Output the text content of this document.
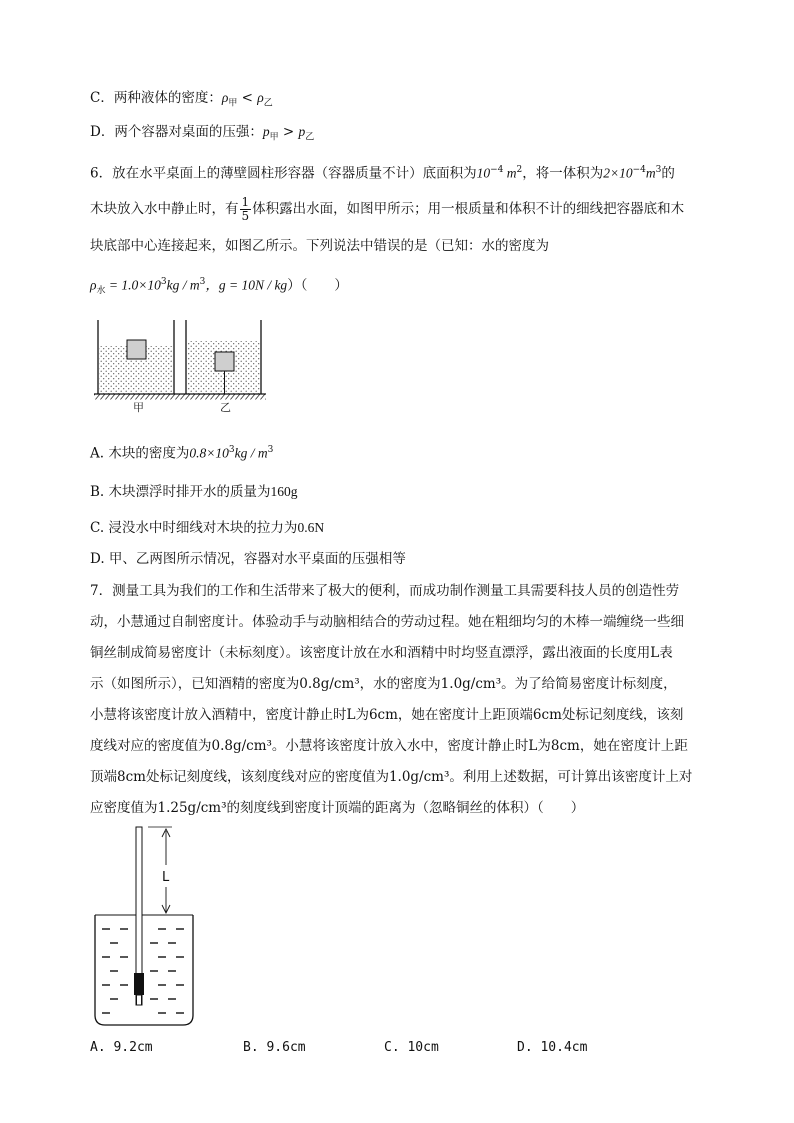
C．两种液体的密度：$\rho_甲 < \rho_乙$
D．两个容器对桌面的压强：$p_甲 > p_乙$
6．放在水平桌面上的薄壁圆柱形容器（容器质量不计）底面积为$10^{-4}$ $m^2$，将一体积为$2\times 10^{-4}m^3$的
木块放入水中静止时，有 $\frac{1}{5}$ 体积露出水面，如图甲所示；用一根质量和体积不计的细线把容器底和木
块底部中心连接起来，如图乙所示。下列说法中错误的是（已知：水的密度为
$\rho_水 = 1.0\times 10^3kg / m^3$，g = 10N / kg）（　　）
甲	乙
A. 木块的密度为$0.8\times 10^3kg / m^3$
B. 木块漂浮时排开水的质量为160g
C. 浸没水中时细线对木块的拉力为0.6N
D. 甲、乙两图所示情况，容器对水平桌面的压强相等
7．测量工具为我们的工作和生活带来了极大的便利，而成功制作测量工具需要科技人员的创造性劳
动，小慧通过自制密度计。体验动手与动脑相结合的劳动过程。她在粗细均匀的木棒一端缠绕一些细
铜丝制成简易密度计（未标刻度）。该密度计放在水和酒精中时均竖直漂浮，露出液面的长度用L表
示（如图所示），已知酒精的密度为0.8g/cm³，水的密度为1.0g/cm³。为了给简易密度计标刻度，
小慧将该密度计放入酒精中，密度计静止时L为6cm，她在密度计上距顶端6cm处标记刻度线，该刻
度线对应的密度值为0.8g/cm³。小慧将该密度计放入水中，密度计静止时L为8cm，她在密度计上距
顶端8cm处标记刻度线，该刻度线对应的密度值为1.0g/cm³。利用上述数据，可计算出该密度计上对
应密度值为1.25g/cm³的刻度线到密度计顶端的距离为（忽略铜丝的体积）（　　）
L
A. 9.2cm	B. 9.6cm	C. 10cm	D. 10.4cm
